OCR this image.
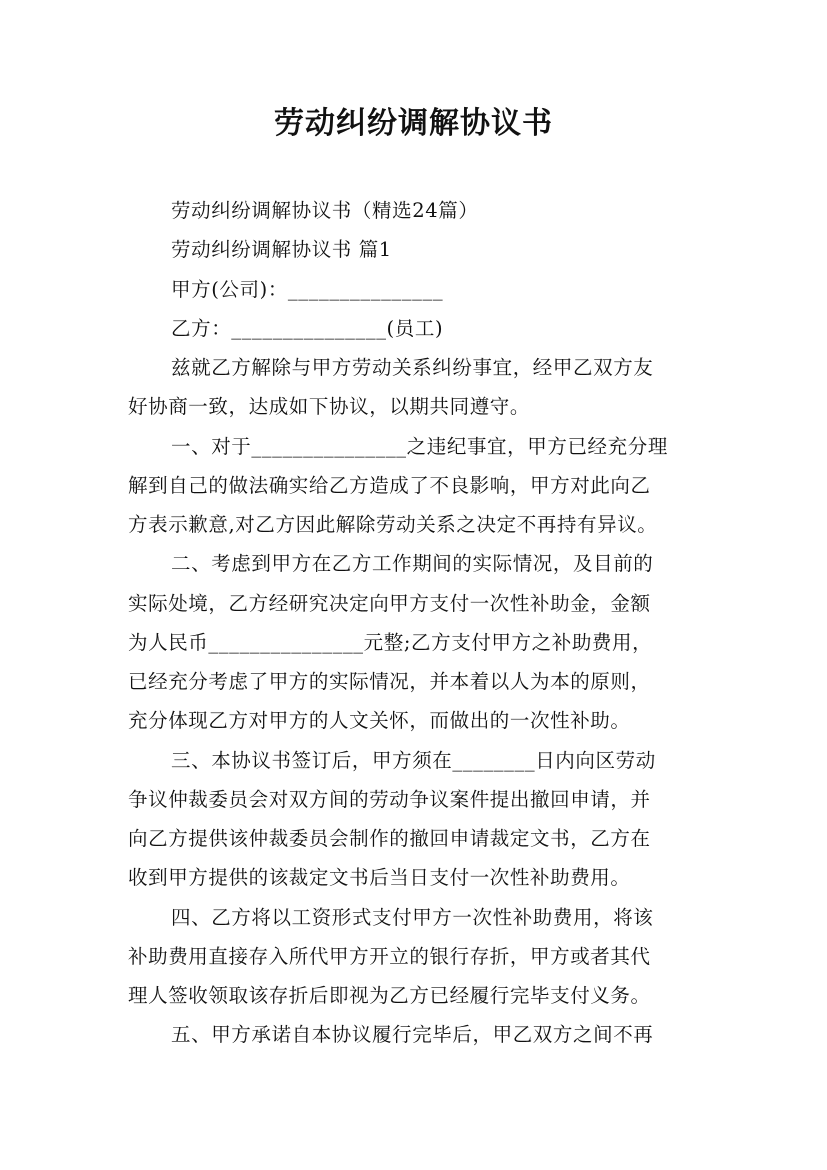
劳动纠纷调解协议书
劳动纠纷调解协议书（精选24篇）
劳动纠纷调解协议书 篇1
甲方(公司)：_______________
乙方：_______________(员工)
兹就乙方解除与甲方劳动关系纠纷事宜，经甲乙双方友
好协商一致，达成如下协议，以期共同遵守。
一、对于_______________之违纪事宜，甲方已经充分理
解到自己的做法确实给乙方造成了不良影响，甲方对此向乙
方表示歉意,对乙方因此解除劳动关系之决定不再持有异议。
二、考虑到甲方在乙方工作期间的实际情况，及目前的
实际处境，乙方经研究决定向甲方支付一次性补助金，金额
为人民币_______________元整;乙方支付甲方之补助费用，
已经充分考虑了甲方的实际情况，并本着以人为本的原则，
充分体现乙方对甲方的人文关怀，而做出的一次性补助。
三、本协议书签订后，甲方须在________日内向区劳动
争议仲裁委员会对双方间的劳动争议案件提出撤回申请，并
向乙方提供该仲裁委员会制作的撤回申请裁定文书，乙方在
收到甲方提供的该裁定文书后当日支付一次性补助费用。
四、乙方将以工资形式支付甲方一次性补助费用，将该
补助费用直接存入所代甲方开立的银行存折，甲方或者其代
理人签收领取该存折后即视为乙方已经履行完毕支付义务。
五、甲方承诺自本协议履行完毕后，甲乙双方之间不再
